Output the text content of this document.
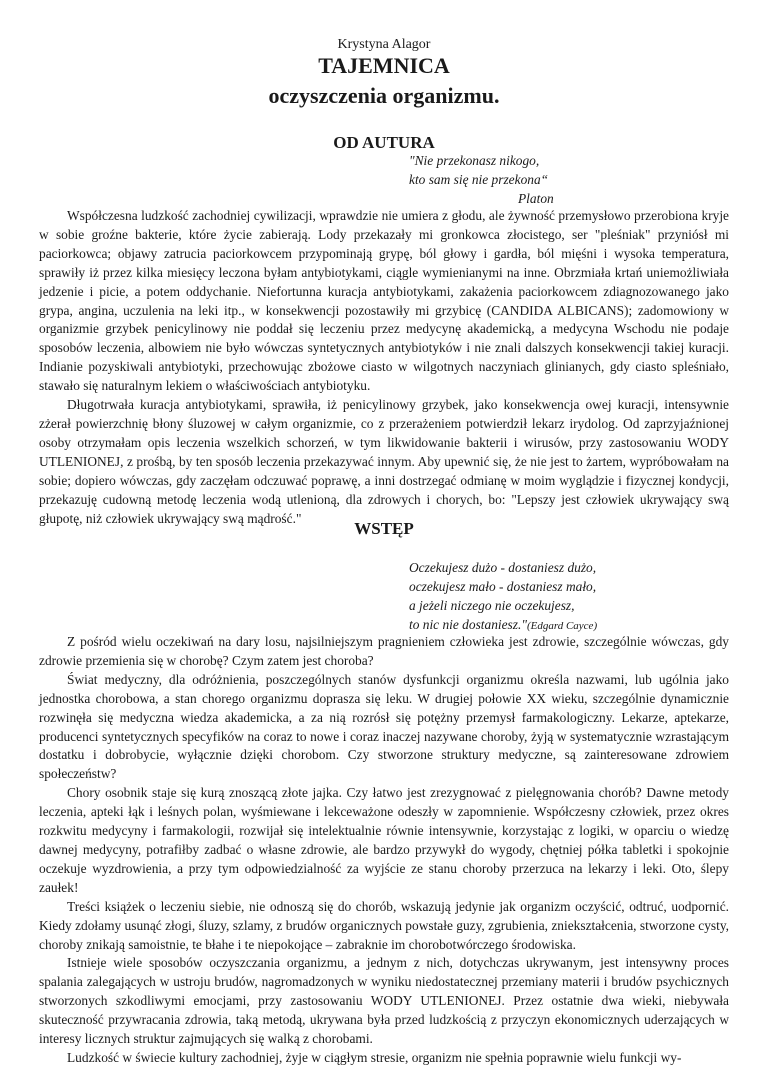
Krystyna Alagor
TAJEMNICA
oczyszczenia organizmu.
OD AUTURA
"Nie przekonasz nikogo,
kto sam się nie przekona“
Platon

Współczesna ludzkość zachodniej cywilizacji, wprawdzie nie umiera z głodu, ale żywność przemysłowo przerobiona kryje w sobie groźne bakterie, które życie zabierają. Lody przekazały mi gronkowca złocistego, ser "pleśniak" przyniósł mi paciorkowca; objawy zatrucia paciorkowcem przypominają grypę, ból głowy i gardła, ból mięśni i wysoka temperatura, sprawiły iż przez kilka miesięcy leczona byłam antybiotykami, ciągle wymienianymi na inne. Obrzmiała krtań uniemożliwiała jedzenie i picie, a potem oddychanie. Niefortunna kuracja antybiotykami, zakażenia paciorkowcem zdiagnozowanego jako grypa, angina, uczulenia na leki itp., w konsekwencji pozostawiły mi grzybicę (CANDIDA ALBICANS); zadomowiony w organizmie grzybek penicylinowy nie poddał się leczeniu przez medycynę akademicką, a medycyna Wschodu nie podaje sposobów leczenia, albowiem nie było wówczas syntetycznych antybiotyków i nie znali dalszych konsekwencji takiej kuracji. Indianie pozyskiwali antybiotyki, przechowując zbożowe ciasto w wilgotnych naczyniach glinianych, gdy ciasto spleśniało, stawało się naturalnym lekiem o właściwościach antybiotyku.

Długotrwała kuracja antybiotykami, sprawiła, iż penicylinowy grzybek, jako konsekwencja owej kuracji, intensywnie zżerał powierzchnię błony śluzowej w całym organizmie, co z przerażeniem potwierdził lekarz irydolog. Od zaprzyjaźnionej osoby otrzymałam opis leczenia wszelkich schorzeń, w tym likwidowanie bakterii i wirusów, przy zastosowaniu WODY UTLENIONEJ, z prośbą, by ten sposób leczenia przekazywać innym. Aby upewnić się, że nie jest to żartem, wypróbowałam na sobie; dopiero wówczas, gdy zaczęłam odczuwać poprawę, a inni dostrzegać odmianę w moim wyglądzie i fizycznej kondycji, przekazuję cudowną metodę leczenia wodą utlenioną, dla zdrowych i chorych, bo: "Lepszy jest człowiek ukrywający swą głupotę, niż człowiek ukrywający swą mądrość."

WSTĘP
Oczekujesz dużo - dostaniesz dużo,
oczekujesz mało - dostaniesz mało,
a jeżeli niczego nie oczekujesz,
to nic nie dostaniesz."(Edgard Cayce)

Z pośród wielu oczekiwań na dary losu, najsilniejszym pragnieniem człowieka jest zdrowie, szczególnie wówczas, gdy zdrowie przemienia się w chorobę? Czym zatem jest choroba?

Świat medyczny, dla odróżnienia, poszczególnych stanów dysfunkcji organizmu określa nazwami, lub ugólnia jako jednostka chorobowa, a stan chorego organizmu doprasza się leku. W drugiej połowie XX wieku, szczególnie dynamicznie rozwinęła się medyczna wiedza akademicka, a za nią rozrósł się potężny przemysł farmakologiczny. Lekarze, aptekarze, producenci syntetycznych specyfików na coraz to nowe i coraz inaczej nazywane choroby, żyją w systematycznie wzrastającym dostatku i dobrobycie, wyłącznie dzięki chorobom. Czy stworzone struktury medyczne, są zainteresowane zdrowiem społeczeństw?

Chory osobnik staje się kurą znoszącą złote jajka. Czy łatwo jest zrezygnować z pielęgnowania chorób? Dawne metody leczenia, apteki łąk i leśnych polan, wyśmiewane i lekceważone odeszły w zapomnienie. Współczesny człowiek, przez okres rozkwitu medycyny i farmakologii, rozwijał się intelektualnie równie intensywnie, korzystając z logiki, w oparciu o wiedzę dawnej medycyny, potrafiłby zadbać o własne zdrowie, ale bardzo przywykł do wygody, chętniej półka tabletki i spokojnie oczekuje wyzdrowienia, a przy tym odpowiedzialność za wyjście ze stanu choroby przerzuca na lekarzy i leki. Oto, ślepy zaułek!

Treści książek o leczeniu siebie, nie odnoszą się do chorób, wskazują jedynie jak organizm oczyścić, odtruć, uodpornić. Kiedy zdołamy usunąć złogi, śluzy, szlamy, z brudów organicznych powstałe guzy, zgrubienia, zniekształcenia, stworzone cysty, choroby znikają samoistnie, te błahe i te niepokojące – zabraknie im chorobotwórczego środowiska.

Istnieje wiele sposobów oczyszczania organizmu, a jednym z nich, dotychczas ukrywanym, jest intensywny proces spalania zalegających w ustroju brudów, nagromadzonych w wyniku niedostatecznej przemiany materii i brudów psychicznych stworzonych szkodliwymi emocjami, przy zastosowaniu WODY UTLENIONEJ. Przez ostatnie dwa wieki, niebywała skuteczność przywracania zdrowia, taką metodą, ukrywana była przed ludzkością z przyczyn ekonomicznych uderzających w interesy licznych struktur zajmujących się walką z chorobami.

Ludzkość w świecie kultury zachodniej, żyje w ciągłym stresie, organizm nie spełnia poprawnie wielu funkcji wy-
